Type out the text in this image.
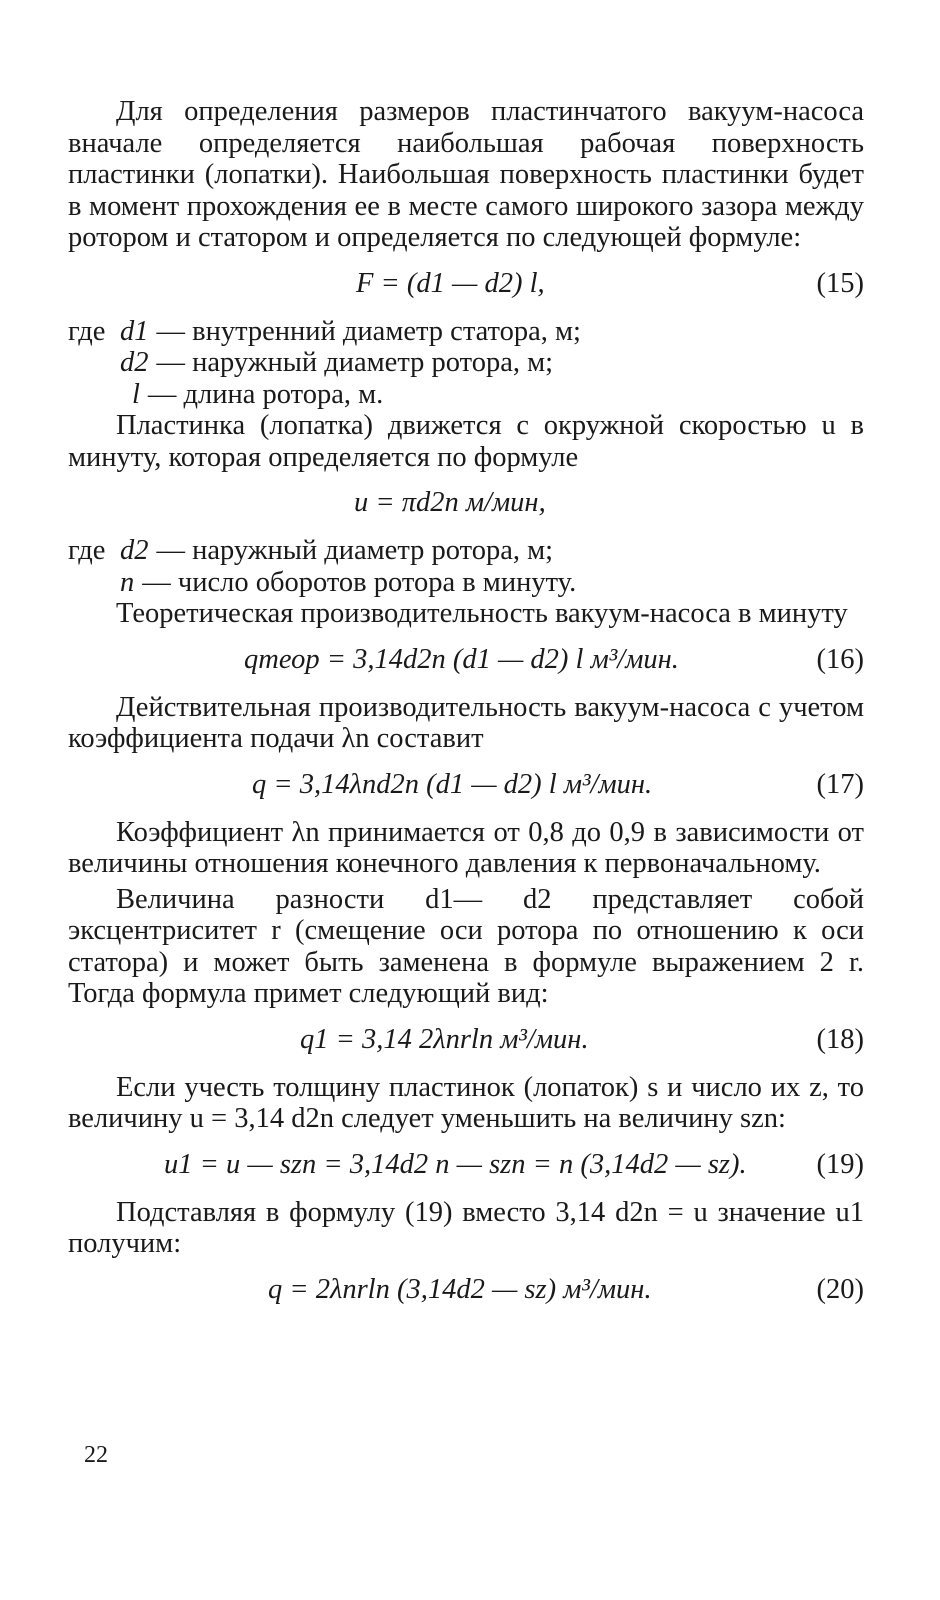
Для определения размеров пластинчатого вакуум-насоса вначале определяется наибольшая рабочая поверхность пластинки (лопатки). Наибольшая поверхность пластинки будет в момент прохождения ее в месте самого широкого зазора между ротором и статором и определяется по следующей формуле:

F = (d1 — d2) l,	(15)
где d1 — внутренний диаметр статора, м;
d2 — наружный диаметр ротора, м;
l — длина ротора, м.

Пластинка (лопатка) движется с окружной скоростью u в минуту, которая определяется по формуле

u = πd2n м/мин,
где d2 — наружный диаметр ротора, м;
n — число оборотов ротора в минуту.

Теоретическая производительность вакуум-насоса в минуту

qтеор = 3,14d2n (d1 — d2) l м³/мин.	(16)

Действительная производительность вакуум-насоса с учетом коэффициента подачи λn составит

q = 3,14λnd2n (d1 — d2) l м³/мин.	(17)

Коэффициент λn принимается от 0,8 до 0,9 в зависимости от величины отношения конечного давления к первоначальному.

Величина разности d1— d2 представляет собой эксцентриситет r (смещение оси ротора по отношению к оси статора) и может быть заменена в формуле выражением 2 r. Тогда формула примет следующий вид:

q1 = 3,14 2λnrln м³/мин.	(18)

Если учесть толщину пластинок (лопаток) s и число их z, то величину u = 3,14 d2n следует уменьшить на величину szn:

u1 = u — szn = 3,14d2 n — szn = n (3,14d2 — sz). (19)

Подставляя в формулу (19) вместо 3,14 d2n = u значение u1 получим:

q = 2λnrln (3,14d2 — sz) м³/мин.	(20)
22
